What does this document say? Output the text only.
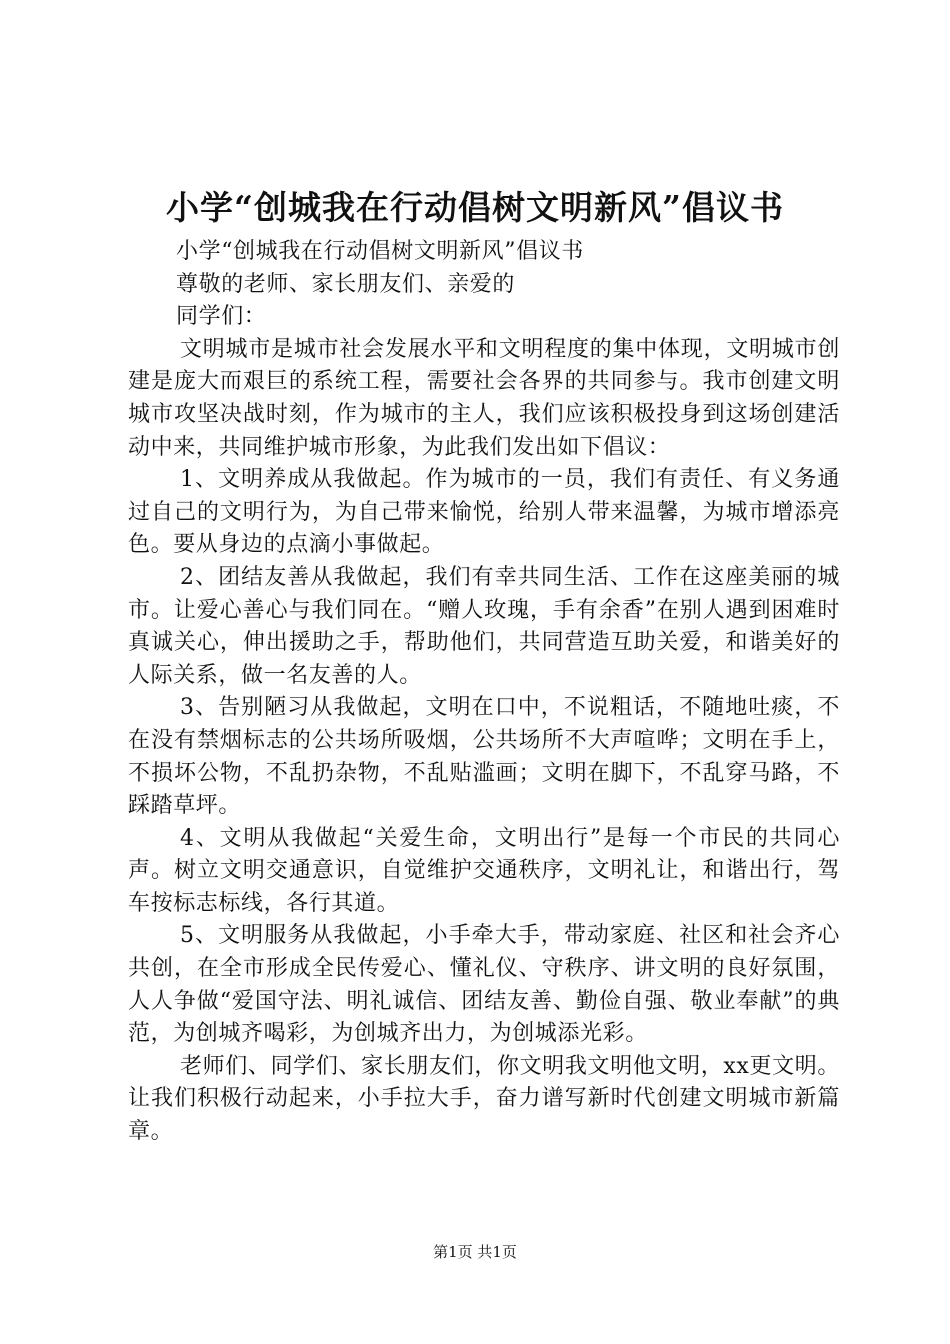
小学“创城我在行动倡树文明新风”倡议书

小学“创城我在行动倡树文明新风”倡议书

尊敬的老师、家长朋友们、亲爱的

同学们：

文明城市是城市社会发展水平和文明程度的集中体现，文明城市创建是庞大而艰巨的系统工程，需要社会各界的共同参与。我市创建文明城市攻坚决战时刻，作为城市的主人，我们应该积极投身到这场创建活动中来，共同维护城市形象，为此我们发出如下倡议：

1、文明养成从我做起。作为城市的一员，我们有责任、有义务通过自己的文明行为，为自己带来愉悦，给别人带来温馨，为城市增添亮色。要从身边的点滴小事做起。

2、团结友善从我做起，我们有幸共同生活、工作在这座美丽的城市。让爱心善心与我们同在。“赠人玫瑰，手有余香”在别人遇到困难时真诚关心，伸出援助之手，帮助他们，共同营造互助关爱，和谐美好的人际关系，做一名友善的人。

3、告别陋习从我做起，文明在口中，不说粗话，不随地吐痰，不在没有禁烟标志的公共场所吸烟，公共场所不大声喧哗；文明在手上，不损坏公物，不乱扔杂物，不乱贴滥画；文明在脚下，不乱穿马路，不踩踏草坪。

4、文明从我做起“关爱生命，文明出行”是每一个市民的共同心声。树立文明交通意识，自觉维护交通秩序，文明礼让，和谐出行，驾车按标志标线，各行其道。

5、文明服务从我做起，小手牵大手，带动家庭、社区和社会齐心共创，在全市形成全民传爱心、懂礼仪、守秩序、讲文明的良好氛围，人人争做“爱国守法、明礼诚信、团结友善、勤俭自强、敬业奉献”的典范，为创城齐喝彩，为创城齐出力，为创城添光彩。

老师们、同学们、家长朋友们，你文明我文明他文明，xx更文明。让我们积极行动起来，小手拉大手，奋力谱写新时代创建文明城市新篇章。

第1页 共1页
